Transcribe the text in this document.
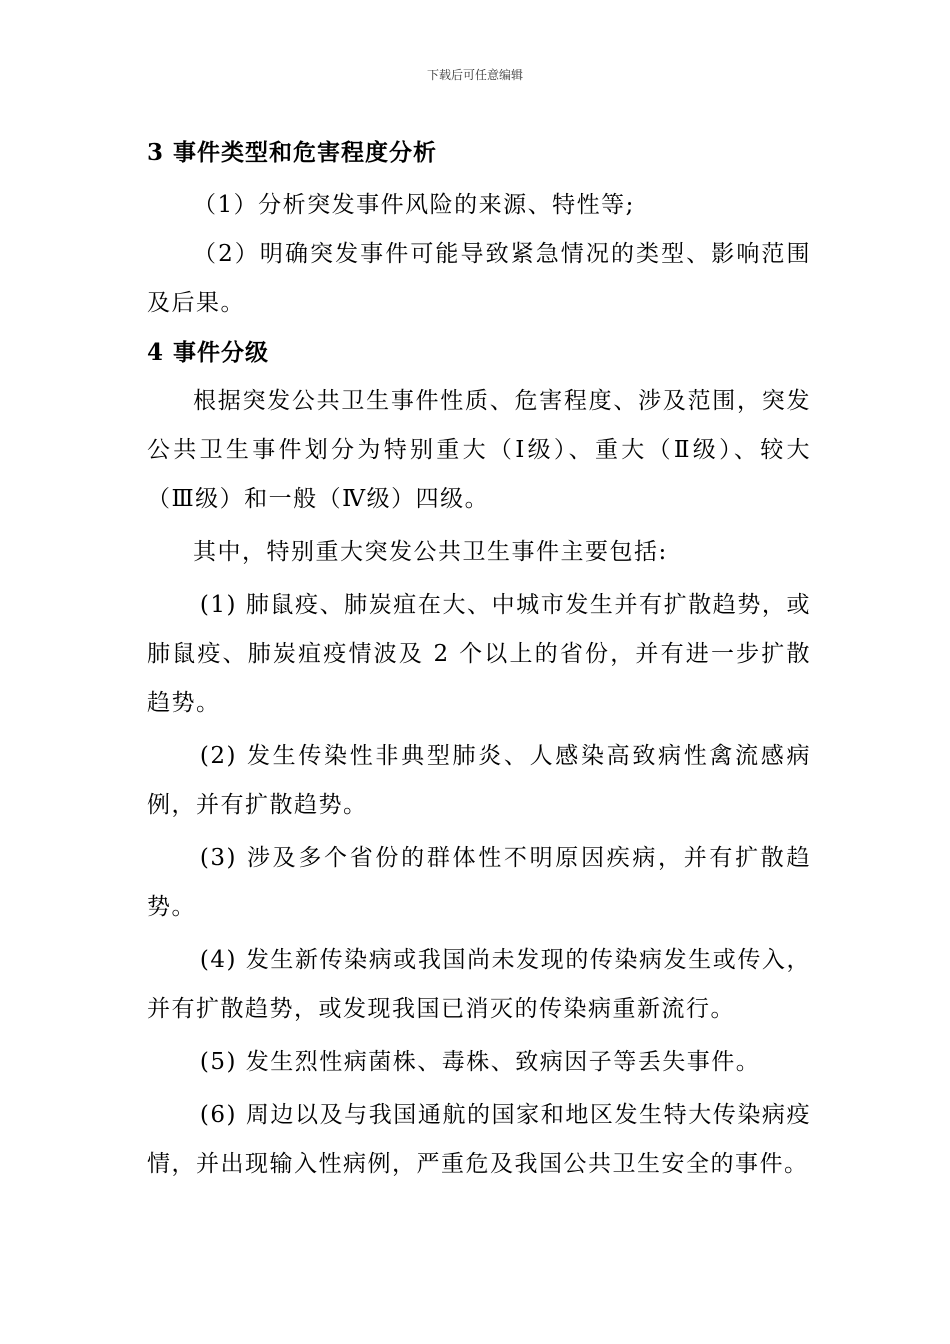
下载后可任意编辑

3 事件类型和危害程度分析

（1）分析突发事件风险的来源、特性等;

（2）明确突发事件可能导致紧急情况的类型、影响范围及后果。

4 事件分级

根据突发公共卫生事件性质、危害程度、涉及范围，突发公共卫生事件划分为特别重大（Ⅰ级）、重大（Ⅱ级）、较大（Ⅲ级）和一般（Ⅳ级）四级。

其中，特别重大突发公共卫生事件主要包括:

(1) 肺鼠疫、肺炭疽在大、中城市发生并有扩散趋势，或肺鼠疫、肺炭疽疫情波及 2 个以上的省份，并有进一步扩散趋势。

(2) 发生传染性非典型肺炎、人感染高致病性禽流感病例，并有扩散趋势。

(3) 涉及多个省份的群体性不明原因疾病，并有扩散趋势。

(4) 发生新传染病或我国尚未发现的传染病发生或传入，并有扩散趋势，或发现我国已消灭的传染病重新流行。

(5) 发生烈性病菌株、毒株、致病因子等丢失事件。

(6) 周边以及与我国通航的国家和地区发生特大传染病疫情，并出现输入性病例，严重危及我国公共卫生安全的事件。
